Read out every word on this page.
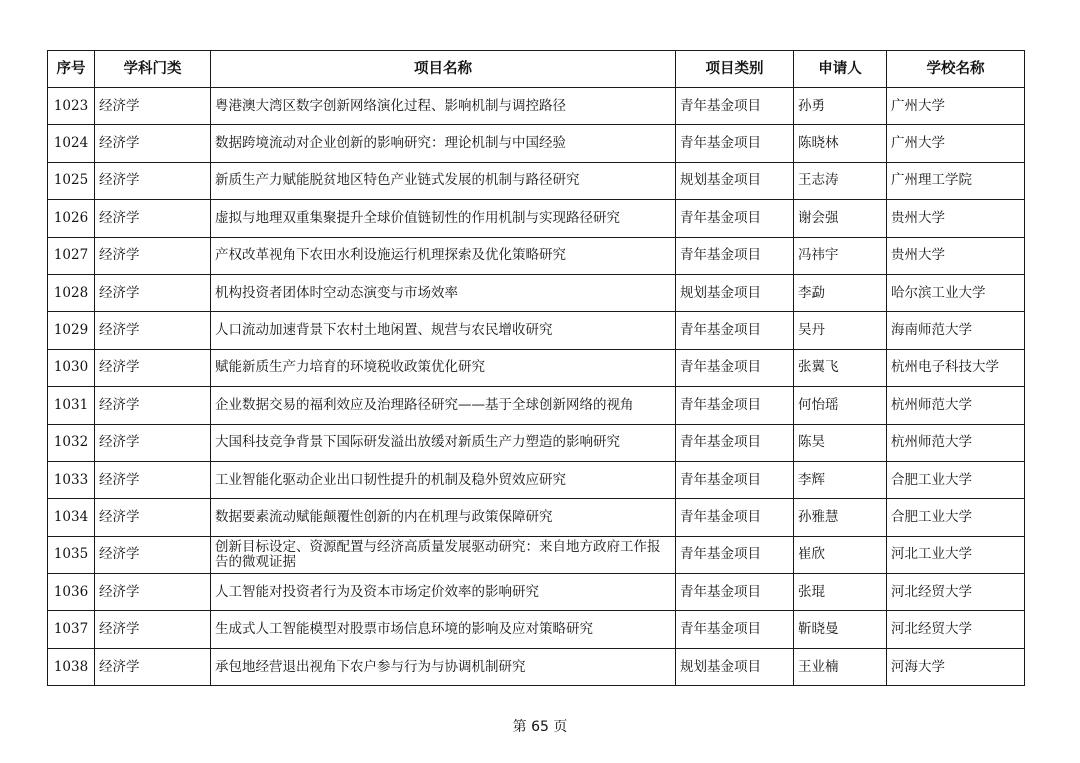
序号	学科门类	项目名称	项目类别	申请人	学校名称
1023	经济学	粤港澳大湾区数字创新网络演化过程、影响机制与调控路径	青年基金项目	孙勇	广州大学
1024	经济学	数据跨境流动对企业创新的影响研究：理论机制与中国经验	青年基金项目	陈晓林	广州大学
1025	经济学	新质生产力赋能脱贫地区特色产业链式发展的机制与路径研究	规划基金项目	王志涛	广州理工学院
1026	经济学	虚拟与地理双重集聚提升全球价值链韧性的作用机制与实现路径研究	青年基金项目	谢会强	贵州大学
1027	经济学	产权改革视角下农田水利设施运行机理探索及优化策略研究	青年基金项目	冯祎宇	贵州大学
1028	经济学	机构投资者团体时空动态演变与市场效率	规划基金项目	李勐	哈尔滨工业大学
1029	经济学	人口流动加速背景下农村土地闲置、规营与农民增收研究	青年基金项目	吴丹	海南师范大学
1030	经济学	赋能新质生产力培育的环境税收政策优化研究	青年基金项目	张翼飞	杭州电子科技大学
1031	经济学	企业数据交易的福利效应及治理路径研究——基于全球创新网络的视角	青年基金项目	何怡瑶	杭州师范大学
1032	经济学	大国科技竞争背景下国际研发溢出放缓对新质生产力塑造的影响研究	青年基金项目	陈昊	杭州师范大学
1033	经济学	工业智能化驱动企业出口韧性提升的机制及稳外贸效应研究	青年基金项目	李辉	合肥工业大学
1034	经济学	数据要素流动赋能颠覆性创新的内在机理与政策保障研究	青年基金项目	孙雅慧	合肥工业大学
1035	经济学	创新目标设定、资源配置与经济高质量发展驱动研究：来自地方政府工作报告的微观证据	青年基金项目	崔欣	河北工业大学
1036	经济学	人工智能对投资者行为及资本市场定价效率的影响研究	青年基金项目	张琨	河北经贸大学
1037	经济学	生成式人工智能模型对股票市场信息环境的影响及应对策略研究	青年基金项目	靳晓曼	河北经贸大学
1038	经济学	承包地经营退出视角下农户参与行为与协调机制研究	规划基金项目	王业楠	河海大学
第 65 页
